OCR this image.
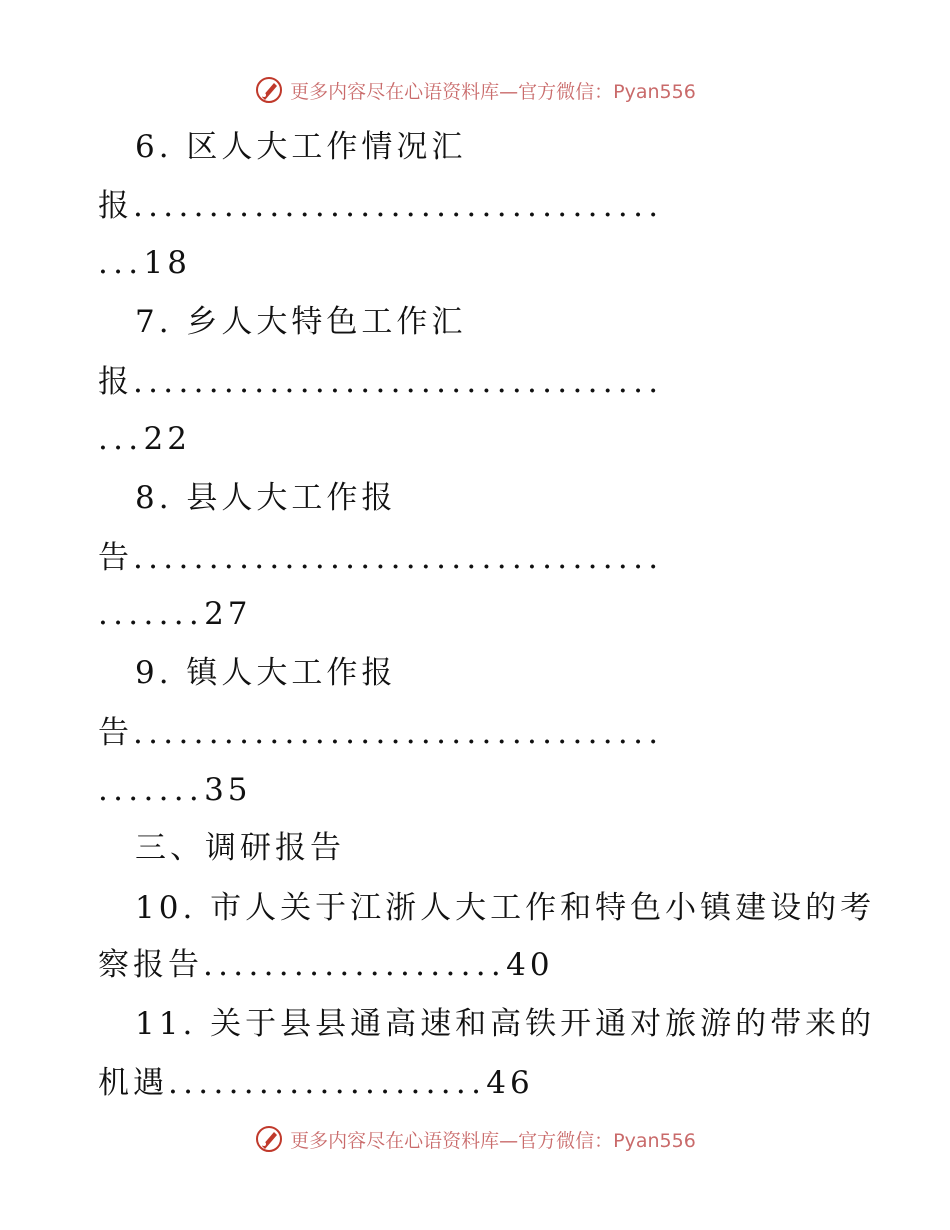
更多内容尽在心语资料库—官方微信：Pyan556
6. 区人大工作情况汇
报...................................
...18
7. 乡人大特色工作汇
报...................................
...22
8. 县人大工作报
告...................................
.......27
9. 镇人大工作报
告...................................
.......35
三、调研报告
10. 市人关于江浙人大工作和特色小镇建设的考
察报告....................40
11. 关于县县通高速和高铁开通对旅游的带来的
机遇.....................46
更多内容尽在心语资料库—官方微信：Pyan556
